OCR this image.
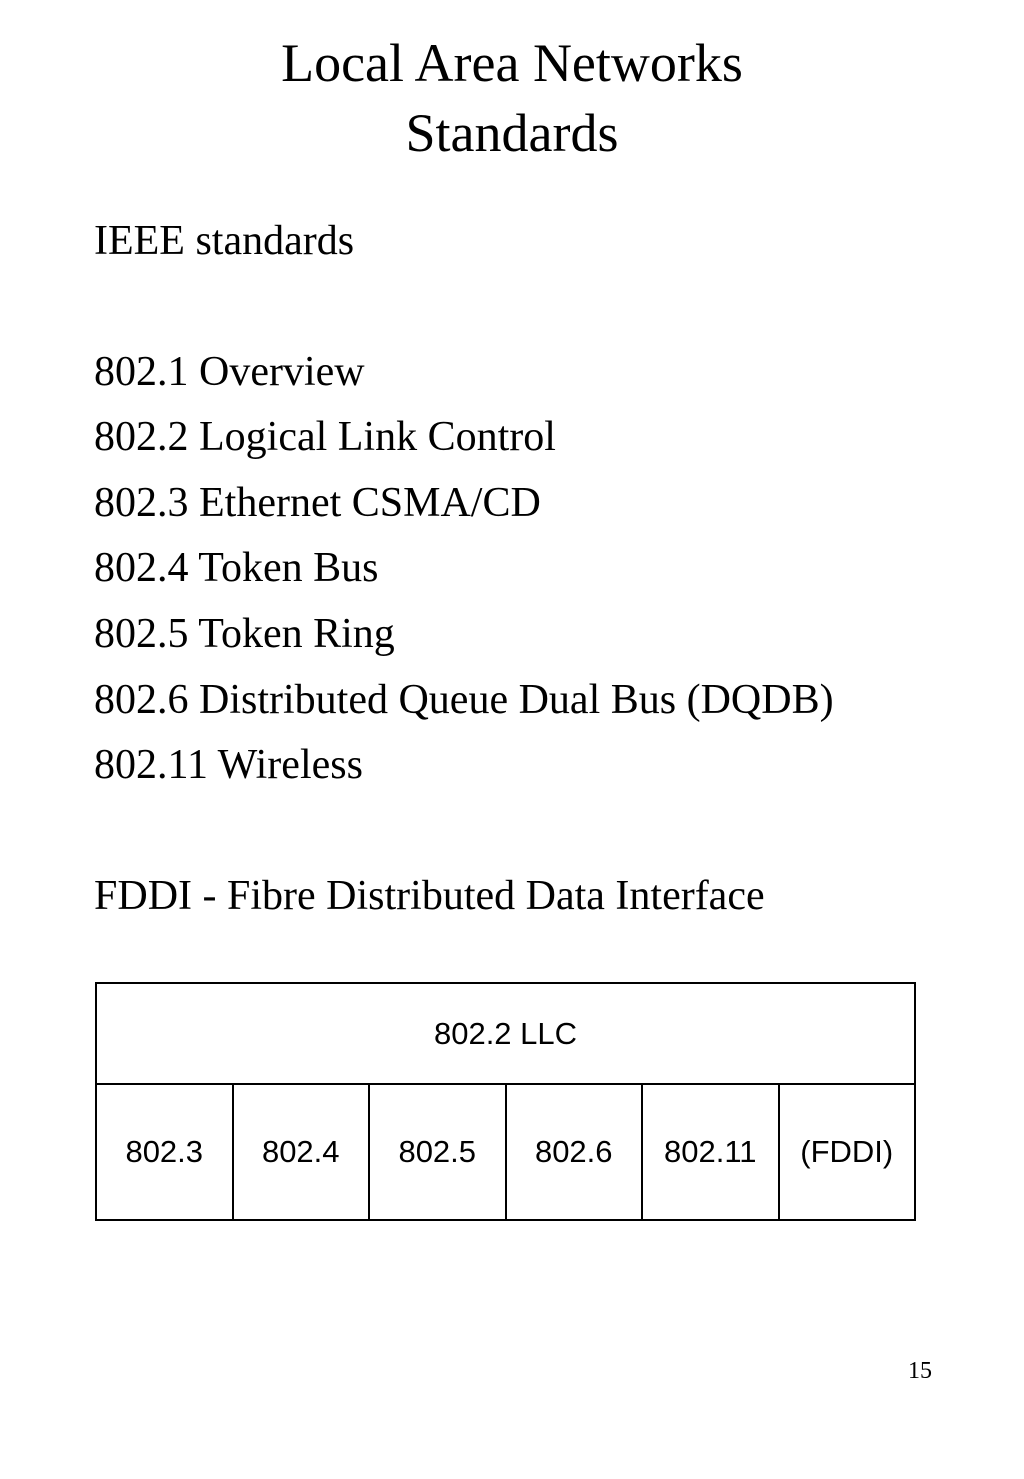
Local Area Networks
Standards
IEEE standards
802.1 Overview
802.2 Logical Link Control
802.3 Ethernet CSMA/CD
802.4 Token Bus
802.5 Token Ring
802.6 Distributed Queue Dual Bus (DQDB)
802.11 Wireless
FDDI - Fibre Distributed Data Interface
802.2 LLC
802.3	802.4	802.5	802.6	802.11	(FDDI)
15
